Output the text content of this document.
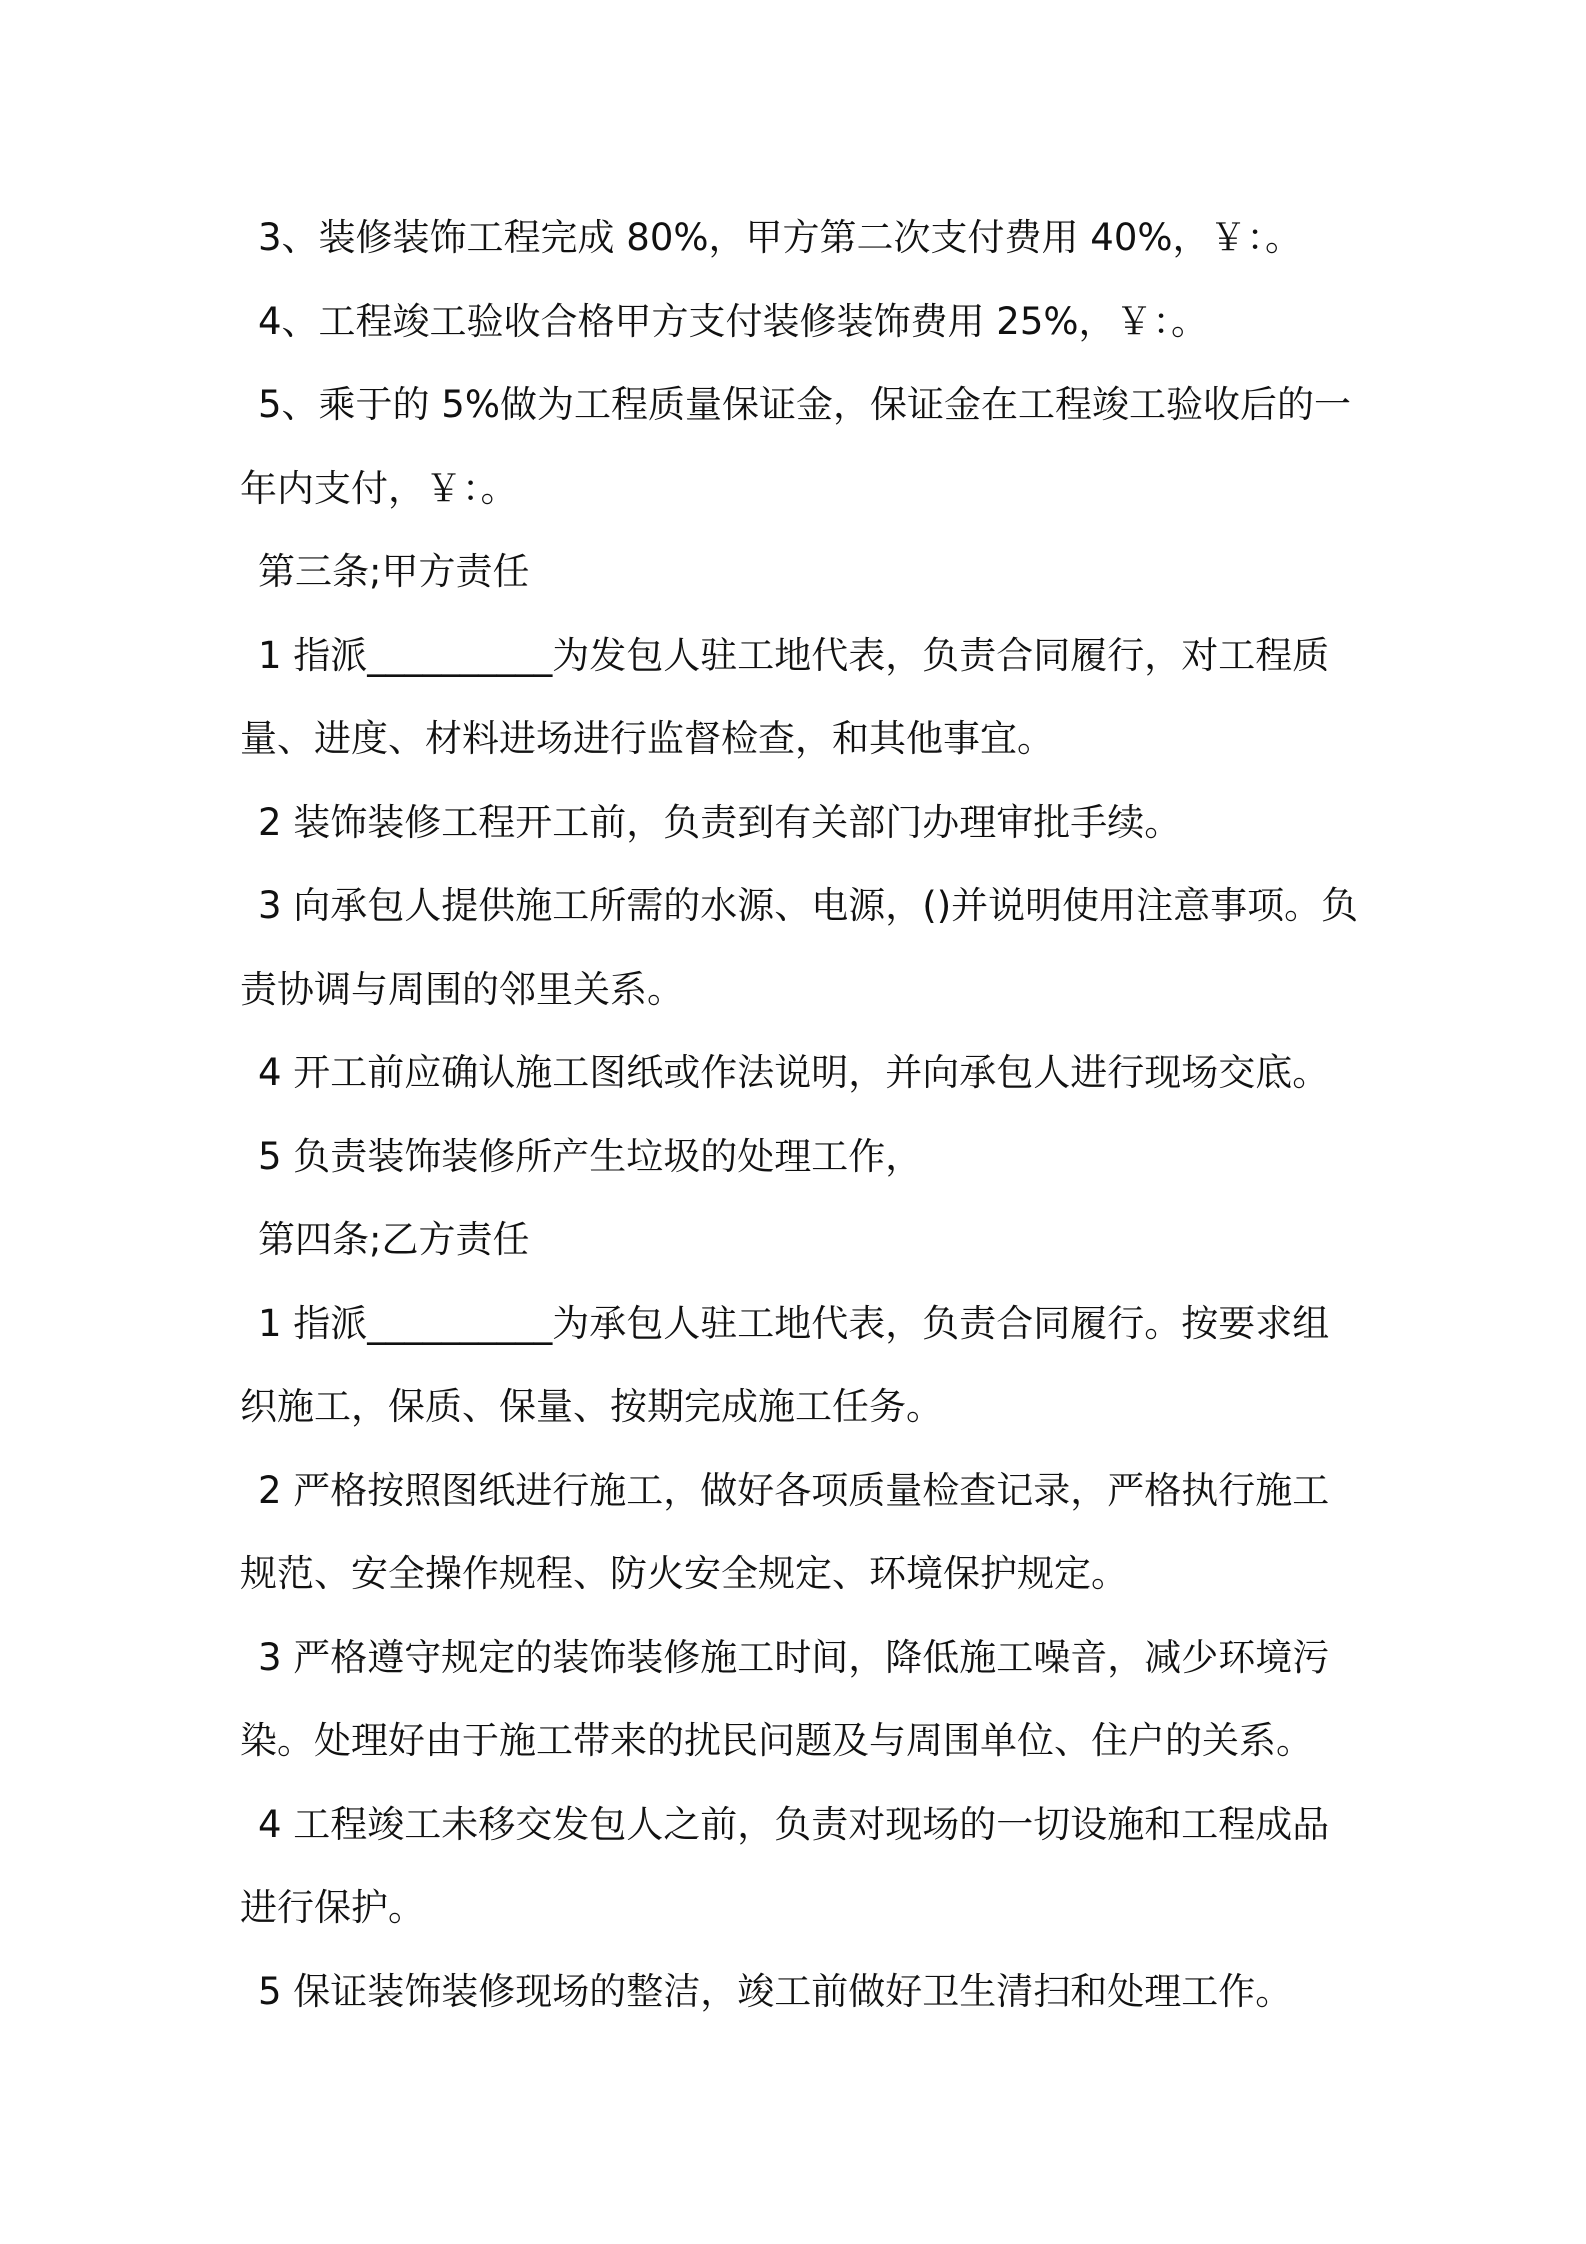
3、装修装饰工程完成 80%，甲方第二次支付费用 40%，￥：。

4、工程竣工验收合格甲方支付装修装饰费用 25%，￥：。

5、乘于的 5%做为工程质量保证金，保证金在工程竣工验收后的一年内支付，￥：。

第三条;甲方责任

1 指派__________为发包人驻工地代表，负责合同履行，对工程质量、进度、材料进场进行监督检查，和其他事宜。

2 装饰装修工程开工前，负责到有关部门办理审批手续。

3 向承包人提供施工所需的水源、电源，()并说明使用注意事项。负责协调与周围的邻里关系。

4 开工前应确认施工图纸或作法说明，并向承包人进行现场交底。

5 负责装饰装修所产生垃圾的处理工作，

第四条;乙方责任

1 指派__________为承包人驻工地代表，负责合同履行。按要求组织施工，保质、保量、按期完成施工任务。

2 严格按照图纸进行施工，做好各项质量检查记录，严格执行施工规范、安全操作规程、防火安全规定、环境保护规定。

3 严格遵守规定的装饰装修施工时间，降低施工噪音，减少环境污染。处理好由于施工带来的扰民问题及与周围单位、住户的关系。

4 工程竣工未移交发包人之前，负责对现场的一切设施和工程成品进行保护。

5 保证装饰装修现场的整洁，竣工前做好卫生清扫和处理工作。
